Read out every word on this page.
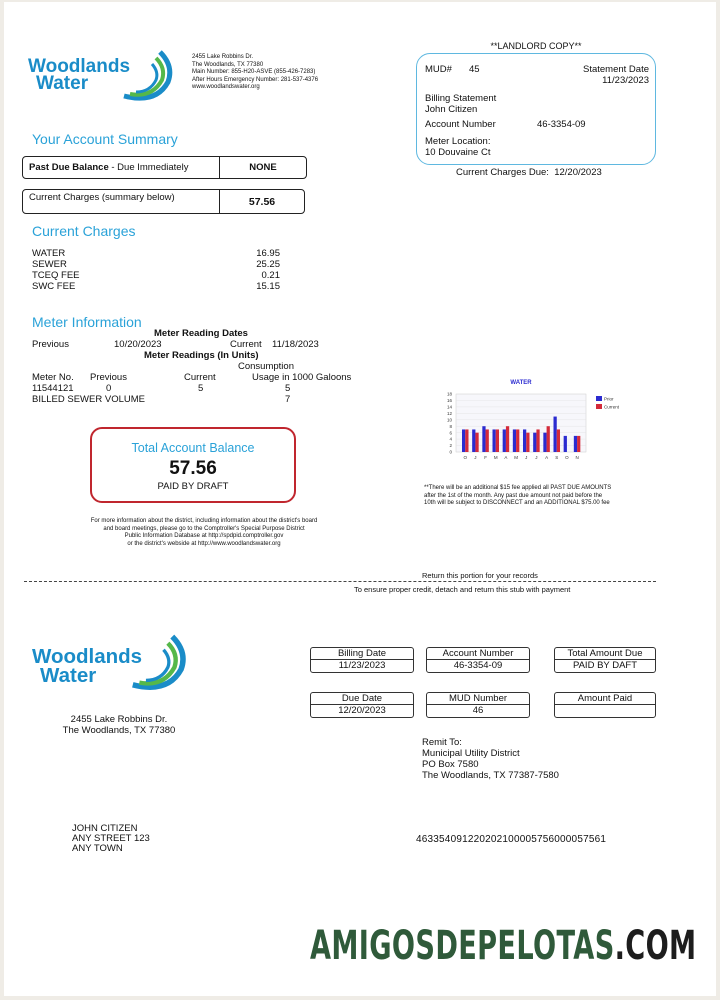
Woodlands
Water
2455 Lake Robbins Dr.
The Woodlands, TX 77380
Main Number: 855-H20-ASVE (855-426-7283)
After Hours Emergency Number: 281-537-4376
www.woodlandswater.org
**LANDLORD COPY**
MUD# 45	Statement Date
11/23/2023
Billing Statement
John Citizen
Account Number	46-3354-09
Meter Location:
10 Douvaine Ct
Current Charges Due: 12/20/2023
Your Account Summary
Past Due Balance - Due Immediately	NONE
Current Charges (summary below)	57.56
Current Charges
WATER	16.95
SEWER	25.25
TCEQ FEE	0.21
SWC FEE	15.15
Meter Information
Meter Reading Dates
Previous	10/20/2023	Current 11/18/2023
Meter Readings (In Units)
Consumption
Meter No. Previous	Current	Usage in 1000 Galoons
11544121	0	5	5
BILLED SEWER VOLUME	7
Total Account Balance
57.56
PAID BY DRAFT
For more information about the district, including information about the district's board
and board meetings, please go to the Comptroller's Special Purpose District
Public Information Database at http://spdpid.comptroller.gov
or the district's webside at http://www.woodlandswater.org
WATER
0
2
4
6
8
10
12
14
16
18
O J F M A M J J A S O N
Prior
Current
**There will be an additional $15 fee applied all PAST DUE AMOUNTS
after the 1st of the month. Any past due amount not paid before the
10th will be subject to DISCONNECT and an ADDITIONAL $75.00 fee
Return this portion for your records
To ensure proper credit, detach and return this stub with payment
Woodlands
Water
2455 Lake Robbins Dr.
The Woodlands, TX 77380
Billing Date
11/23/2023
Account Number
46-3354-09
Total Amount Due
PAID BY DAFT
Due Date
12/20/2023
MUD Number
46
Amount Paid
Remit To:
Municipal Utility District
PO Box 7580
The Woodlands, TX 77387-7580
JOHN CITIZEN
ANY STREET 123
ANY TOWN
463354091220202100005756000057561
AMIGOSDEPELOTAS.COM
